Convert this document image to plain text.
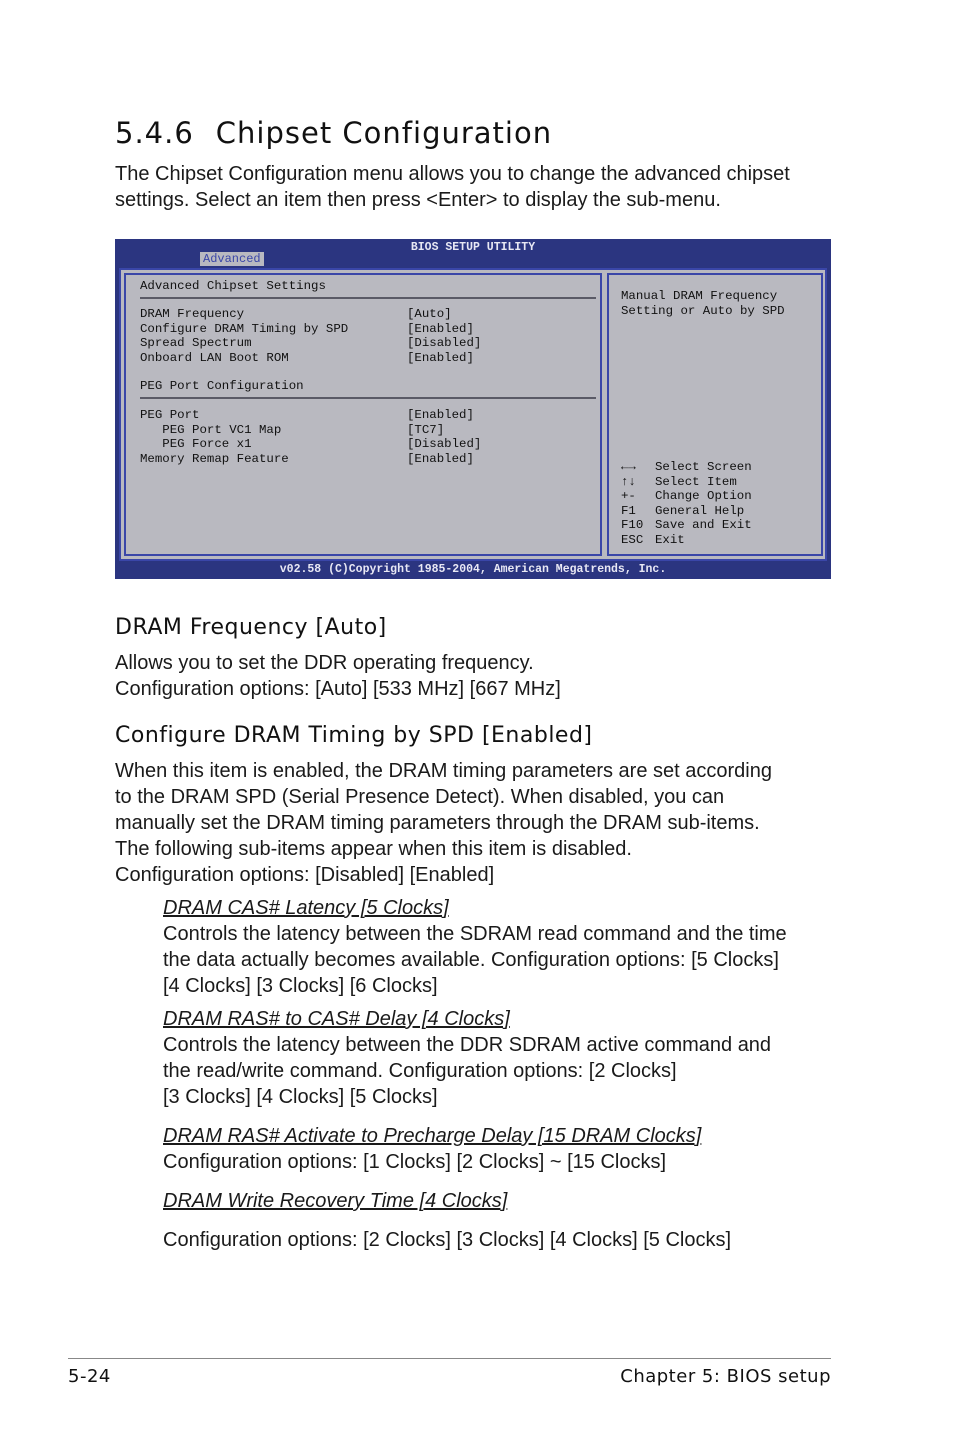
5.4.6 Chipset Configuration

The Chipset Configuration menu allows you to change the advanced chipset

settings. Select an item then press <Enter> to display the sub-menu.

BIOS SETUP UTILITY
Advanced
Advanced Chipset Settings
DRAM Frequency	[Auto]
Configure DRAM Timing by SPD	[Enabled]
Spread Spectrum	[Disabled]
Onboard LAN Boot ROM	[Enabled]
PEG Port Configuration
PEG Port	[Enabled]
PEG Port VC1 Map	[TC7]
PEG Force x1	[Disabled]
Memory Remap Feature	[Enabled]
Manual DRAM Frequency
Setting or Auto by SPD
←→ Select Screen
↑↓ Select Item
+- Change Option
F1 General Help
F10 Save and Exit
ESC Exit
v02.58 (C)Copyright 1985-2004, American Megatrends, Inc.
DRAM Frequency [Auto]

Allows you to set the DDR operating frequency.

Configuration options: [Auto] [533 MHz] [667 MHz]

Configure DRAM Timing by SPD [Enabled]

When this item is enabled, the DRAM timing parameters are set according

to the DRAM SPD (Serial Presence Detect). When disabled, you can

manually set the DRAM timing parameters through the DRAM sub-items.

The following sub-items appear when this item is disabled.

Configuration options: [Disabled] [Enabled]

DRAM CAS# Latency [5 Clocks]

Controls the latency between the SDRAM read command and the time

the data actually becomes available. Configuration options: [5 Clocks]

[4 Clocks] [3 Clocks] [6 Clocks]

DRAM RAS# to CAS# Delay [4 Clocks]

Controls the latency between the DDR SDRAM active command and

the read/write command. Configuration options: [2 Clocks]

[3 Clocks] [4 Clocks] [5 Clocks]

DRAM RAS# Activate to Precharge Delay [15 DRAM Clocks]

Configuration options: [1 Clocks] [2 Clocks] ~ [15 Clocks]

DRAM Write Recovery Time [4 Clocks]

Configuration options: [2 Clocks] [3 Clocks] [4 Clocks] [5 Clocks]

5-24	Chapter 5: BIOS setup
